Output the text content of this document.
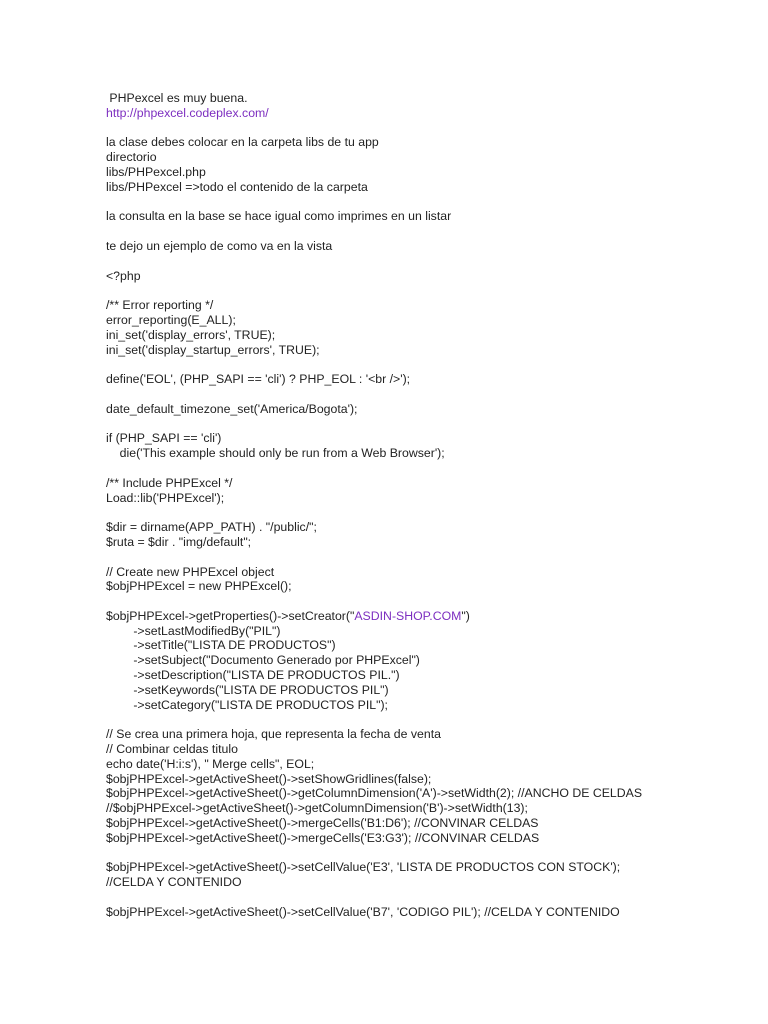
PHPexcel es muy buena.
http://phpexcel.codeplex.com/
la clase debes colocar en la carpeta libs de tu app
directorio
libs/PHPexcel.php
libs/PHPexcel =>todo el contenido de la carpeta
la consulta en la base se hace igual como imprimes en un listar
te dejo un ejemplo de como va en la vista
<?php
/** Error reporting */
error_reporting(E_ALL);
ini_set('display_errors', TRUE);
ini_set('display_startup_errors', TRUE);
define('EOL', (PHP_SAPI == 'cli') ? PHP_EOL : '<br />');
date_default_timezone_set('America/Bogota');
if (PHP_SAPI == 'cli')
die('This example should only be run from a Web Browser');
/** Include PHPExcel */
Load::lib('PHPExcel');
$dir = dirname(APP_PATH) . "/public/";
$ruta = $dir . "img/default";
// Create new PHPExcel object
$objPHPExcel = new PHPExcel();
$objPHPExcel->getProperties()->setCreator("ASDIN-SHOP.COM")
->setLastModifiedBy("PIL")
->setTitle("LISTA DE PRODUCTOS")
->setSubject("Documento Generado por PHPExcel")
->setDescription("LISTA DE PRODUCTOS PIL.")
->setKeywords("LISTA DE PRODUCTOS PIL")
->setCategory("LISTA DE PRODUCTOS PIL");
// Se crea una primera hoja, que representa la fecha de venta
// Combinar celdas titulo
echo date('H:i:s'), " Merge cells", EOL;
$objPHPExcel->getActiveSheet()->setShowGridlines(false);
$objPHPExcel->getActiveSheet()->getColumnDimension('A')->setWidth(2); //ANCHO DE CELDAS
//$objPHPExcel->getActiveSheet()->getColumnDimension('B')->setWidth(13);
$objPHPExcel->getActiveSheet()->mergeCells('B1:D6'); //CONVINAR CELDAS
$objPHPExcel->getActiveSheet()->mergeCells('E3:G3'); //CONVINAR CELDAS
$objPHPExcel->getActiveSheet()->setCellValue('E3', 'LISTA DE PRODUCTOS CON STOCK');
//CELDA Y CONTENIDO
$objPHPExcel->getActiveSheet()->setCellValue('B7', 'CODIGO PIL'); //CELDA Y CONTENIDO
